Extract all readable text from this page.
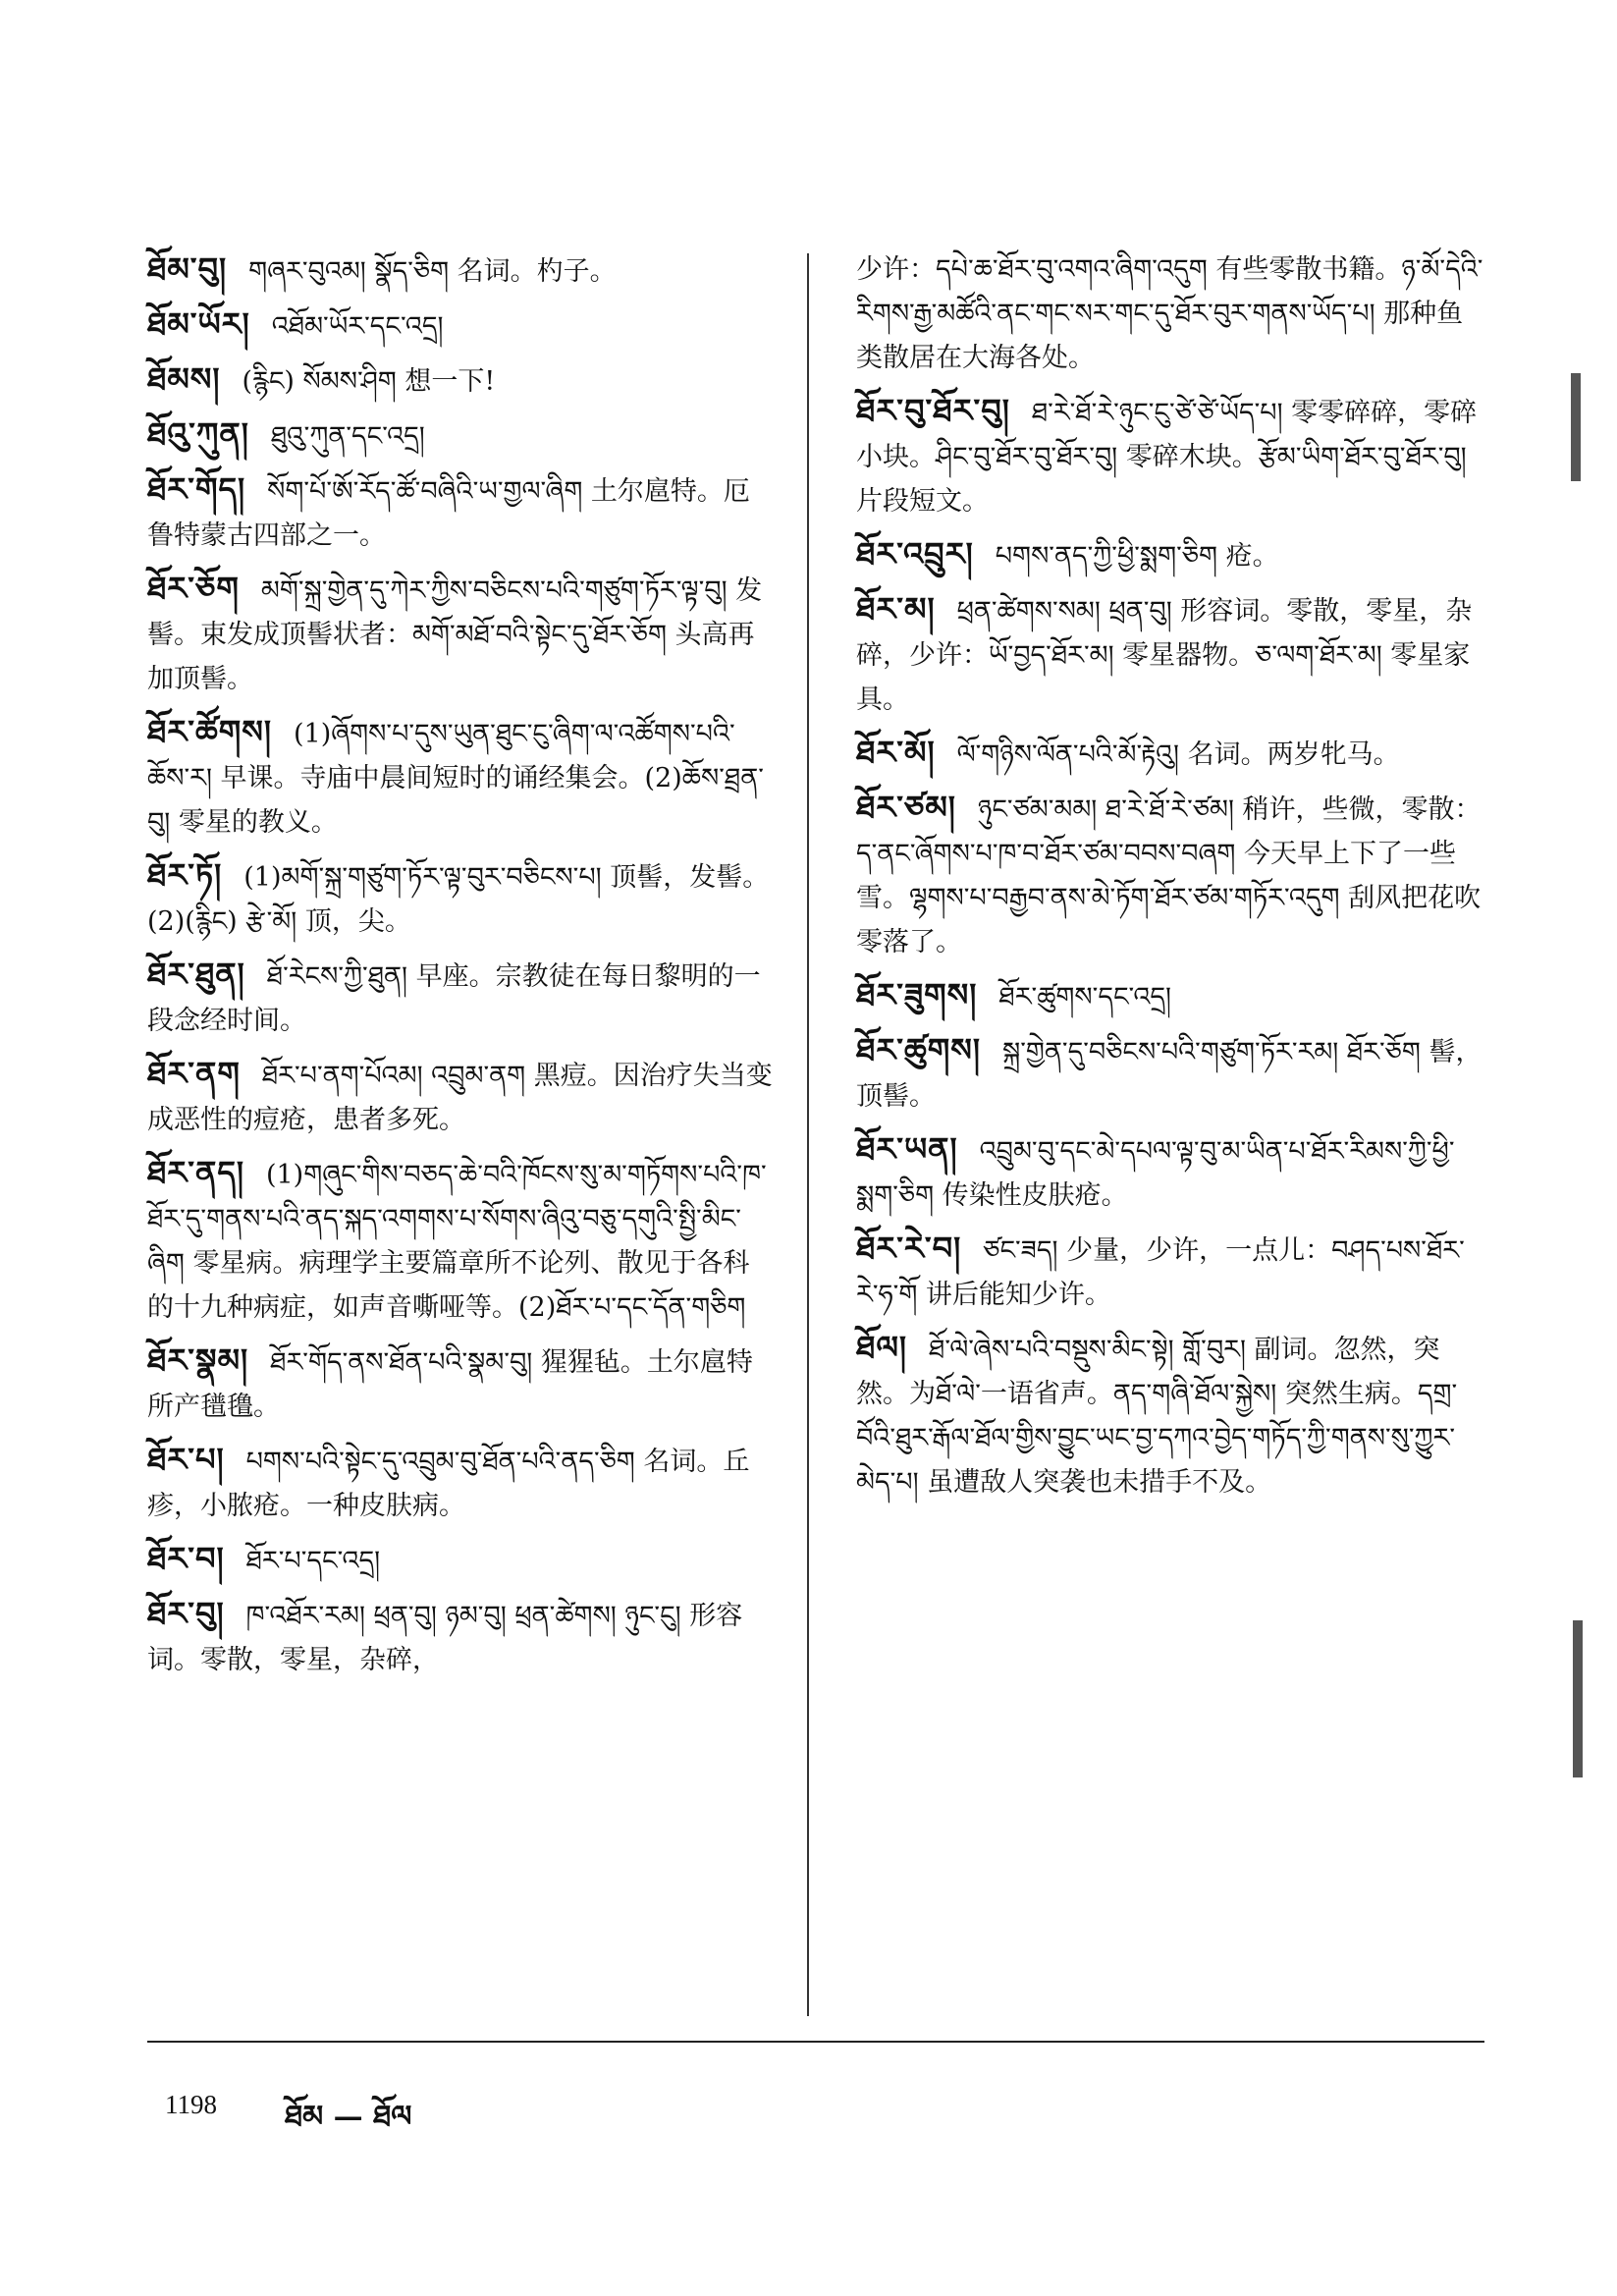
ཐོམ་བུ། གཞར་བུའམ། སྣོད་ཅིག 名词。杓子。
ཐོམ་ཡོར། འཐོམ་ཡོར་དང་འདྲ།
ཐོམས། (རྙིང) སོམས་ཤིག 想一下!
ཐོའུ་ཀུན། ཐུའུ་ཀུན་དང་འདྲ།
ཐོར་གོད། སོག་པོ་ཨོ་རོད་ཚོ་བཞིའི་ཡ་གྱལ་ཞིག 土尔扈特。厄鲁特蒙古四部之一。
ཐོར་ཅོག མགོ་སྐྲ་གྱེན་དུ་ཀེར་ཀྱིས་བཅིངས་པའི་གཙུག་ཏོར་ལྟ་བུ། 发髻。束发成顶髻状者：མགོ་མཐོ་བའི་སྟེང་དུ་ཐོར་ཅོག 头高再加顶髻。
ཐོར་ཚོགས། (1)ཞོགས་པ་དུས་ཡུན་ཐུང་ངུ་ཞིག་ལ་འཚོགས་པའི་ཆོས་ར། 早课。寺庙中晨间短时的诵经集会。(2)ཆོས་ཐྲན་བུ། 零星的教义。
ཐོར་ཏོ། (1)མགོ་སྐྲ་གཙུག་ཏོར་ལྟ་བུར་བཅིངས་པ། 顶髻，发髻。(2)(རྙིང) རྩེ་མོ། 顶，尖。
ཐོར་ཐུན། ཐོ་རེངས་ཀྱི་ཐུན། 早座。宗教徒在每日黎明的一段念经时间。
ཐོར་ནག ཐོར་པ་ནག་པོའམ། འབྲུམ་ནག 黑痘。因治疗失当变成恶性的痘疮，患者多死。
ཐོར་ནད། (1)གཞུང་གིས་བཅད་ཆེ་བའི་ཁོངས་སུ་མ་གཏོགས་པའི་ཁ་ཐོར་དུ་གནས་པའི་ནད་སྐད་འགགས་པ་སོགས་ཞིའུ་བཅུ་དགུའི་སྤྱི་མིང་ཞིག 零星病。病理学主要篇章所不论列、散见于各科的十九种病症，如声音嘶哑等。(2)ཐོར་པ་དང་དོན་གཅིག
ཐོར་སྣམ། ཐོར་གོད་ནས་ཐོན་པའི་སྣམ་བུ། 猩猩毡。土尔扈特所产氆氇。
ཐོར་པ། པགས་པའི་སྟེང་དུ་འབྲུམ་བུ་ཐོན་པའི་ནད་ཅིག 名词。丘疹，小脓疮。一种皮肤病。
ཐོར་བ། ཐོར་པ་དང་འདྲ།
ཐོར་བུ། ཁ་འཐོར་རམ། ཕྲན་བུ། ཉམ་བུ། ཕྲན་ཚེགས། ཉུང་ངུ། 形容词。零散，零星，杂碎，
少许：དཔེ་ཆ་ཐོར་བུ་འགའ་ཞིག་འདུག 有些零散书籍。ཉ་མོ་དེའི་རིགས་རྒྱ་མཚོའི་ནང་གང་སར་གང་དུ་ཐོར་བུར་གནས་ཡོད་པ། 那种鱼类散居在大海各处。
ཐོར་བུ་ཐོར་བུ། ཐ་རེ་ཐོ་རེ་ཉུང་ངུ་ཙེ་ཙེ་ཡོད་པ། 零零碎碎，零碎小块。ཤིང་བུ་ཐོར་བུ་ཐོར་བུ། 零碎木块。རྩོམ་ཡིག་ཐོར་བུ་ཐོར་བུ། 片段短文。
ཐོར་འབྲུར། པགས་ནད་ཀྱི་ཕྱི་སྨག་ཅིག 疮。
ཐོར་མ། ཕྲན་ཚེགས་སམ། ཕྲན་བུ། 形容词。零散，零星，杂碎，少许：ཡོ་བྱད་ཐོར་མ། 零星器物。ཅ་ལག་ཐོར་མ། 零星家具。
ཐོར་མོ། ལོ་གཉིས་ལོན་པའི་མོ་རྟེའུ། 名词。两岁牝马。
ཐོར་ཙམ། ཉུང་ཙམ་མམ། ཐ་རེ་ཐོ་རེ་ཙམ། 稍许，些微，零散：ད་ནང་ཞོགས་པ་ཁ་བ་ཐོར་ཙམ་བབས་བཞག 今天早上下了一些雪。ལྷགས་པ་བརྒྱབ་ནས་མེ་ཏོག་ཐོར་ཙམ་གཏོར་འདུག 刮风把花吹零落了。
ཐོར་ཟུགས། ཐོར་ཚུགས་དང་འདྲ།
ཐོར་ཚུགས། སྐྲ་གྱེན་དུ་བཅིངས་པའི་གཙུག་ཏོར་རམ། ཐོར་ཅོག 髻，顶髻。
ཐོར་ཡན། འབྲུམ་བུ་དང་མེ་དཔལ་ལྟ་བུ་མ་ཡིན་པ་ཐོར་རིམས་ཀྱི་ཕྱི་སྨག་ཅིག 传染性皮肤疮。
ཐོར་རེ་བ། ཙང་ཟད། 少量，少许，一点儿：བཤད་པས་ཐོར་རེ་ཧ་གོ 讲后能知少许。
ཐོལ། ཐོ་ལེ་ཞེས་པའི་བསྡུས་མིང་སྟེ། གློ་བུར། 副词。忽然，突然。为ཐོ་ལེ་一语省声。ནད་གཞི་ཐོལ་སྐྱེས། 突然生病。དགྲ་བོའི་ཐུར་རྒོལ་ཐོལ་གྱིས་བྱུང་ཡང་བྱ་དཀའ་བྱེད་གཏོད་ཀྱི་གནས་སུ་ཀྱུར་མེད་པ། 虽遭敌人突袭也未措手不及。
1198 ཐོམ — ཐོལ
